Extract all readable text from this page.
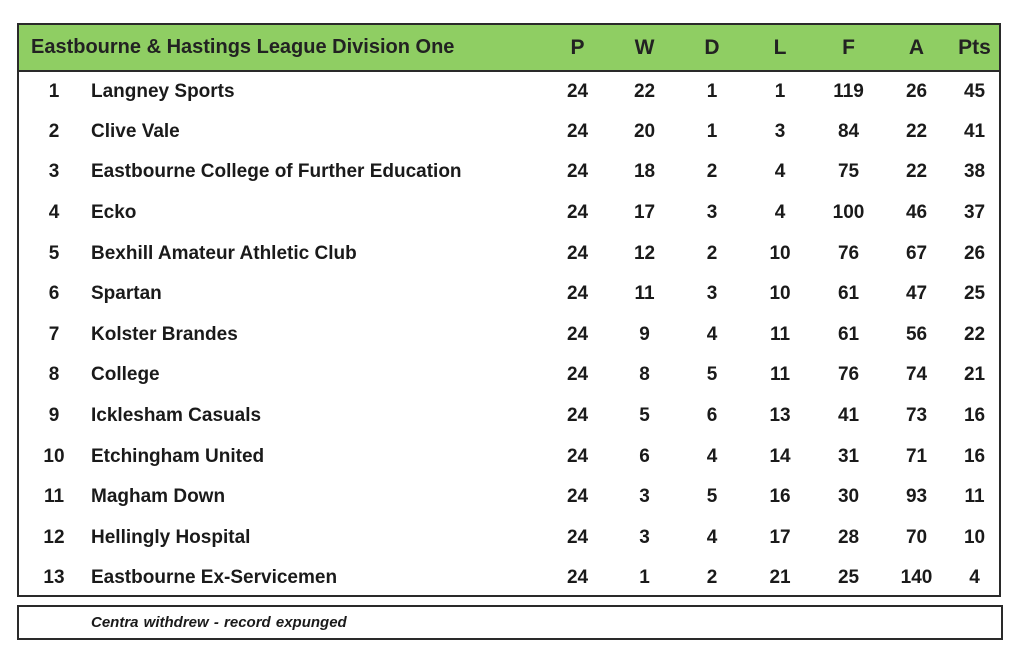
Eastbourne & Hastings League Division One		P	W	D	L	F	A	Pts
1	Langney Sports	24	22	1	1	119	26	45
2	Clive Vale	24	20	1	3	84	22	41
3	Eastbourne College of Further Education	24	18	2	4	75	22	38
4	Ecko	24	17	3	4	100	46	37
5	Bexhill Amateur Athletic Club	24	12	2	10	76	67	26
6	Spartan	24	11	3	10	61	47	25
7	Kolster Brandes	24	9	4	11	61	56	22
8	College	24	8	5	11	76	74	21
9	Icklesham Casuals	24	5	6	13	41	73	16
10	Etchingham United	24	6	4	14	31	71	16
11	Magham Down	24	3	5	16	30	93	11
12	Hellingly Hospital	24	3	4	17	28	70	10
13	Eastbourne Ex-Servicemen	24	1	2	21	25	140	4
Centra withdrew - record expunged
